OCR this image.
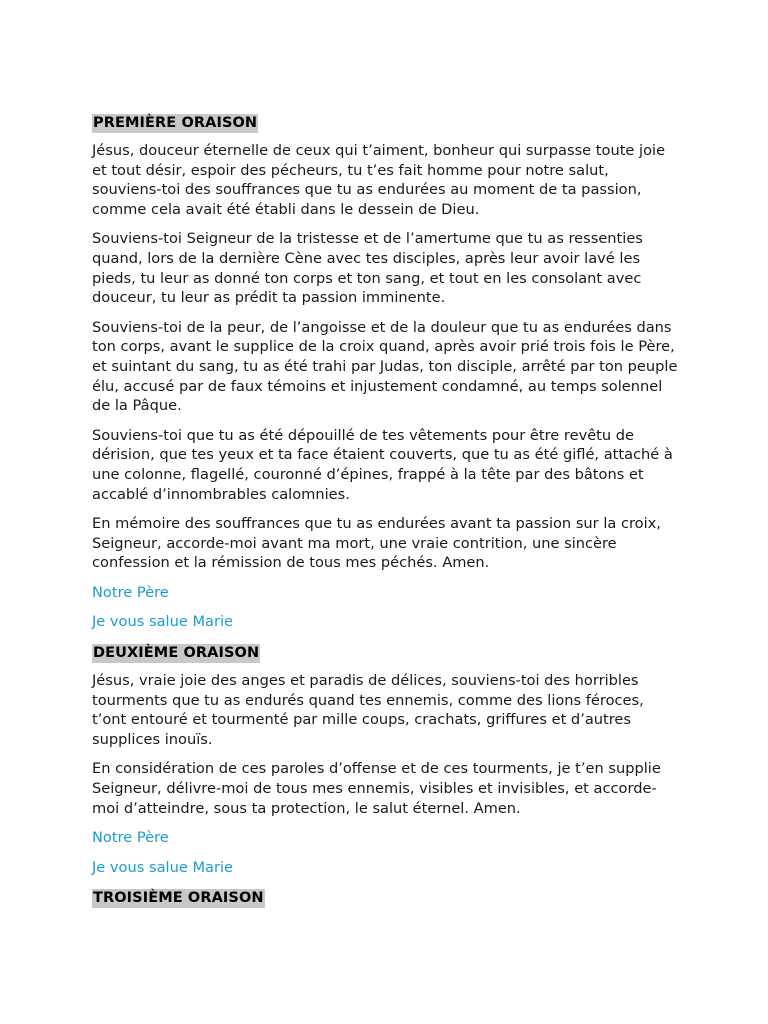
PREMIÈRE ORAISON

Jésus, douceur éternelle de ceux qui t’aiment, bonheur qui surpasse toute joie et tout désir, espoir des pécheurs, tu t’es fait homme pour notre salut, souviens-toi des souffrances que tu as endurées au moment de ta passion, comme cela avait été établi dans le dessein de Dieu.

Souviens-toi Seigneur de la tristesse et de l’amertume que tu as ressenties quand, lors de la dernière Cène avec tes disciples, après leur avoir lavé les pieds, tu leur as donné ton corps et ton sang, et tout en les consolant avec douceur, tu leur as prédit ta passion imminente.

Souviens-toi de la peur, de l’angoisse et de la douleur que tu as endurées dans ton corps, avant le supplice de la croix quand, après avoir prié trois fois le Père, et suintant du sang, tu as été trahi par Judas, ton disciple, arrêté par ton peuple élu, accusé par de faux témoins et injustement condamné, au temps solennel de la Pâque.

Souviens-toi que tu as été dépouillé de tes vêtements pour être revêtu de dérision, que tes yeux et ta face étaient couverts, que tu as été giflé, attaché à une colonne, flagellé, couronné d’épines, frappé à la tête par des bâtons et accablé d’innombrables calomnies.

En mémoire des souffrances que tu as endurées avant ta passion sur la croix, Seigneur, accorde-moi avant ma mort, une vraie contrition, une sincère confession et la rémission de tous mes péchés. Amen.

Notre Père
Je vous salue Marie
DEUXIÈME ORAISON

Jésus, vraie joie des anges et paradis de délices, souviens-toi des horribles tourments que tu as endurés quand tes ennemis, comme des lions féroces, t’ont entouré et tourmenté par mille coups, crachats, griffures et d’autres supplices inouïs.

En considération de ces paroles d’offense et de ces tourments, je t’en supplie Seigneur, délivre-moi de tous mes ennemis, visibles et invisibles, et accorde-moi d’atteindre, sous ta protection, le salut éternel. Amen.

Notre Père
Je vous salue Marie
TROISIÈME ORAISON
